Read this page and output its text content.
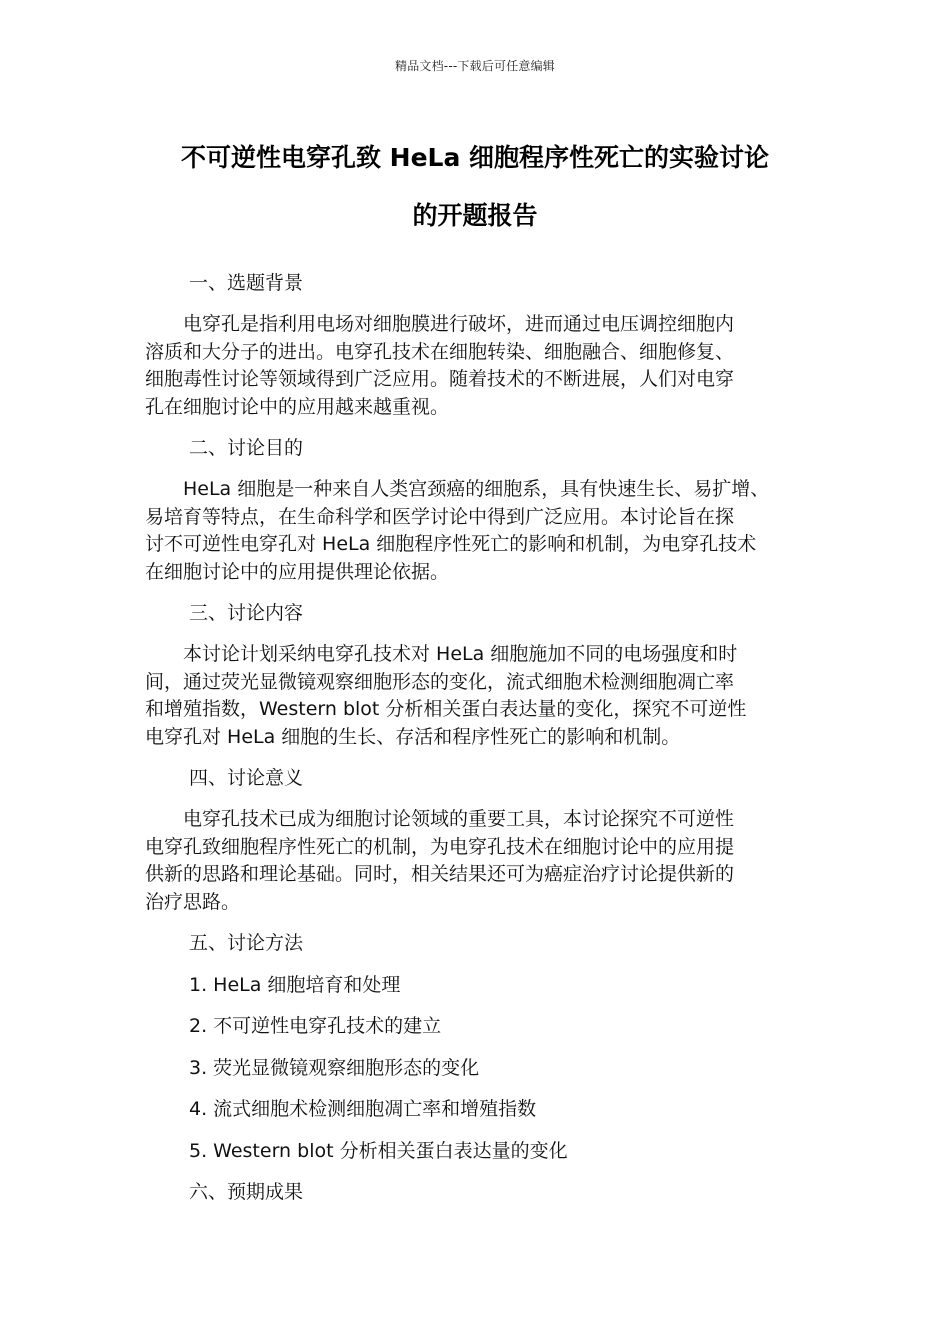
精品文档---下载后可任意编辑
不可逆性电穿孔致 HeLa 细胞程序性死亡的实验讨论
的开题报告
一、选题背景
　　电穿孔是指利用电场对细胞膜进行破坏，进而通过电压调控细胞内
溶质和大分子的进出。电穿孔技术在细胞转染、细胞融合、细胞修复、
细胞毒性讨论等领域得到广泛应用。随着技术的不断进展，人们对电穿
孔在细胞讨论中的应用越来越重视。
二、讨论目的
　　HeLa 细胞是一种来自人类宫颈癌的细胞系，具有快速生长、易扩增、
易培育等特点，在生命科学和医学讨论中得到广泛应用。本讨论旨在探
讨不可逆性电穿孔对 HeLa 细胞程序性死亡的影响和机制，为电穿孔技术
在细胞讨论中的应用提供理论依据。
三、讨论内容
　　本讨论计划采纳电穿孔技术对 HeLa 细胞施加不同的电场强度和时
间，通过荧光显微镜观察细胞形态的变化，流式细胞术检测细胞凋亡率
和增殖指数，Western blot 分析相关蛋白表达量的变化，探究不可逆性
电穿孔对 HeLa 细胞的生长、存活和程序性死亡的影响和机制。
四、讨论意义
　　电穿孔技术已成为细胞讨论领域的重要工具，本讨论探究不可逆性
电穿孔致细胞程序性死亡的机制，为电穿孔技术在细胞讨论中的应用提
供新的思路和理论基础。同时，相关结果还可为癌症治疗讨论提供新的
治疗思路。
五、讨论方法
1. HeLa 细胞培育和处理
2. 不可逆性电穿孔技术的建立
3. 荧光显微镜观察细胞形态的变化
4. 流式细胞术检测细胞凋亡率和增殖指数
5. Western blot 分析相关蛋白表达量的变化
六、预期成果
